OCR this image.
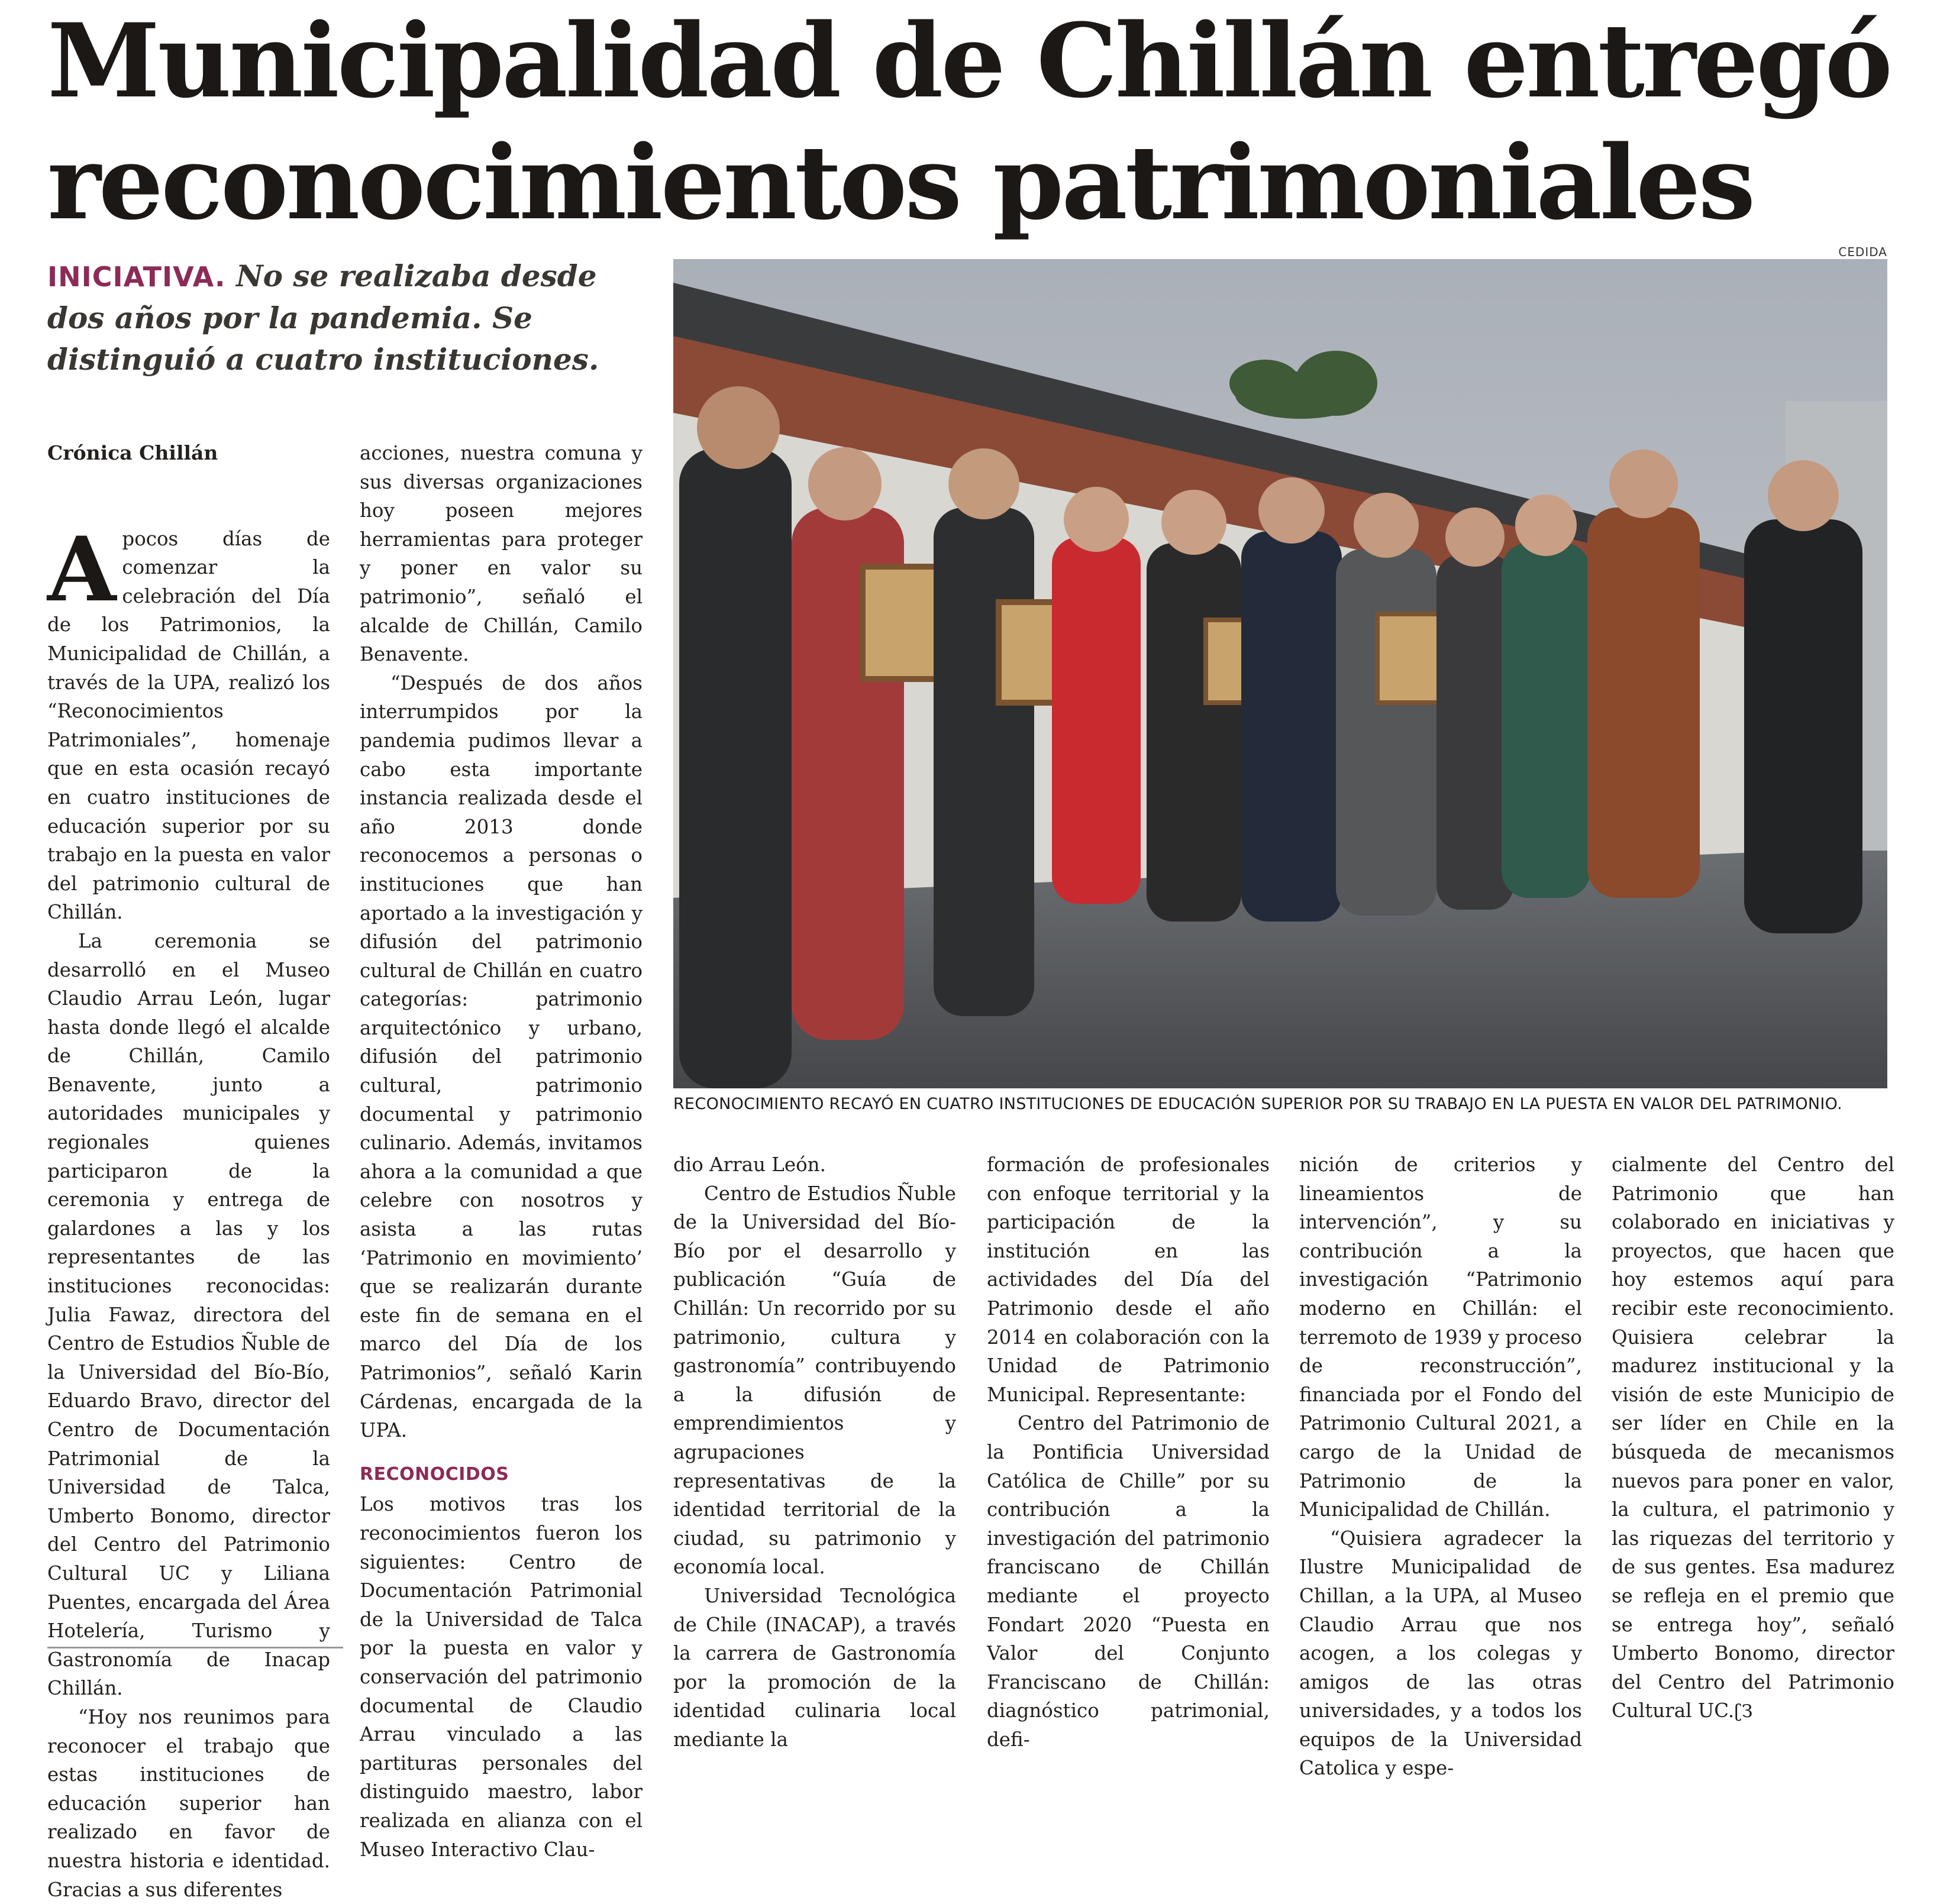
Municipalidad de Chillán entregó reconocimientos patrimoniales

INICIATIVA. No se realizaba desde dos años por la pandemia. Se distinguió a cuatro instituciones.

CEDIDA
RECONOCIMIENTO RECAYÓ EN CUATRO INSTITUCIONES DE EDUCACIÓN SUPERIOR POR SU TRABAJO EN LA PUESTA EN VALOR DEL PATRIMONIO.

Crónica Chillán

A pocos días de comenzar la celebración del Día de los Patrimonios, la Municipalidad de Chillán, a través de la UPA, realizó los “Reconocimientos Patrimoniales”, homenaje que en esta ocasión recayó en cuatro instituciones de educación superior por su trabajo en la puesta en valor del patrimonio cultural de Chillán.

La ceremonia se desarrolló en el Museo Claudio Arrau León, lugar hasta donde llegó el alcalde de Chillán, Camilo Benavente, junto a autoridades municipales y regionales quienes participaron de la ceremonia y entrega de galardones a las y los representantes de las instituciones reconocidas: Julia Fawaz, directora del Centro de Estudios Ñuble de la Universidad del Bío-Bío, Eduardo Bravo, director del Centro de Documentación Patrimonial de la Universidad de Talca, Umberto Bonomo, director del Centro del Patrimonio Cultural UC y Liliana Puentes, encargada del Área Hotelería, Turismo y Gastronomía de Inacap Chillán.

“Hoy nos reunimos para reconocer el trabajo que estas instituciones de educación superior han realizado en favor de nuestra historia e identidad. Gracias a sus diferentes

acciones, nuestra comuna y sus diversas organizaciones hoy poseen mejores herramientas para proteger y poner en valor su patrimonio”, señaló el alcalde de Chillán, Camilo Benavente.

“Después de dos años interrumpidos por la pandemia pudimos llevar a cabo esta importante instancia realizada desde el año 2013 donde reconocemos a personas o instituciones que han aportado a la investigación y difusión del patrimonio cultural de Chillán en cuatro categorías: patrimonio arquitectónico y urbano, difusión del patrimonio cultural, patrimonio documental y patrimonio culinario. Además, invitamos ahora a la comunidad a que celebre con nosotros y asista a las rutas ‘Patrimonio en movimiento’ que se realizarán durante este fin de semana en el marco del Día de los Patrimonios”, señaló Karin Cárdenas, encargada de la UPA.

RECONOCIDOS

Los motivos tras los reconocimientos fueron los siguientes: Centro de Documentación Patrimonial de la Universidad de Talca por la puesta en valor y conservación del patrimonio documental de Claudio Arrau vinculado a las partituras personales del distinguido maestro, labor realizada en alianza con el Museo Interactivo Clau-

dio Arrau León.

Centro de Estudios Ñuble de la Universidad del Bío-Bío por el desarrollo y publicación “Guía de Chillán: Un recorrido por su patrimonio, cultura y gastronomía” contribuyendo a la difusión de emprendimientos y agrupaciones representativas de la identidad territorial de la ciudad, su patrimonio y economía local.

Universidad Tecnológica de Chile (INACAP), a través la carrera de Gastronomía por la promoción de la identidad culinaria local mediante la

formación de profesionales con enfoque territorial y la participación de la institución en las actividades del Día del Patrimonio desde el año 2014 en colaboración con la Unidad de Patrimonio Municipal. Representante:

Centro del Patrimonio de la Pontificia Universidad Católica de Chille” por su contribución a la investigación del patrimonio franciscano de Chillán mediante el proyecto Fondart 2020 “Puesta en Valor del Conjunto Franciscano de Chillán: diagnóstico patrimonial, defi-

nición de criterios y lineamientos de intervención”, y su contribución a la investigación “Patrimonio moderno en Chillán: el terremoto de 1939 y proceso de reconstrucción”, financiada por el Fondo del Patrimonio Cultural 2021, a cargo de la Unidad de Patrimonio de la Municipalidad de Chillán.

“Quisiera agradecer la Ilustre Municipalidad de Chillan, a la UPA, al Museo Claudio Arrau que nos acogen, a los colegas y amigos de las otras universidades, y a todos los equipos de la Universidad Catolica y espe-

cialmente del Centro del Patrimonio que han colaborado en iniciativas y proyectos, que hacen que hoy estemos aquí para recibir este reconocimiento. Quisiera celebrar la madurez institucional y la visión de este Municipio de ser líder en Chile en la búsqueda de mecanismos nuevos para poner en valor, la cultura, el patrimonio y las riquezas del territorio y de sus gentes. Esa madurez se refleja en el premio que se entrega hoy”, señaló Umberto Bonomo, director del Centro del Patrimonio Cultural UC.ʗЗ
